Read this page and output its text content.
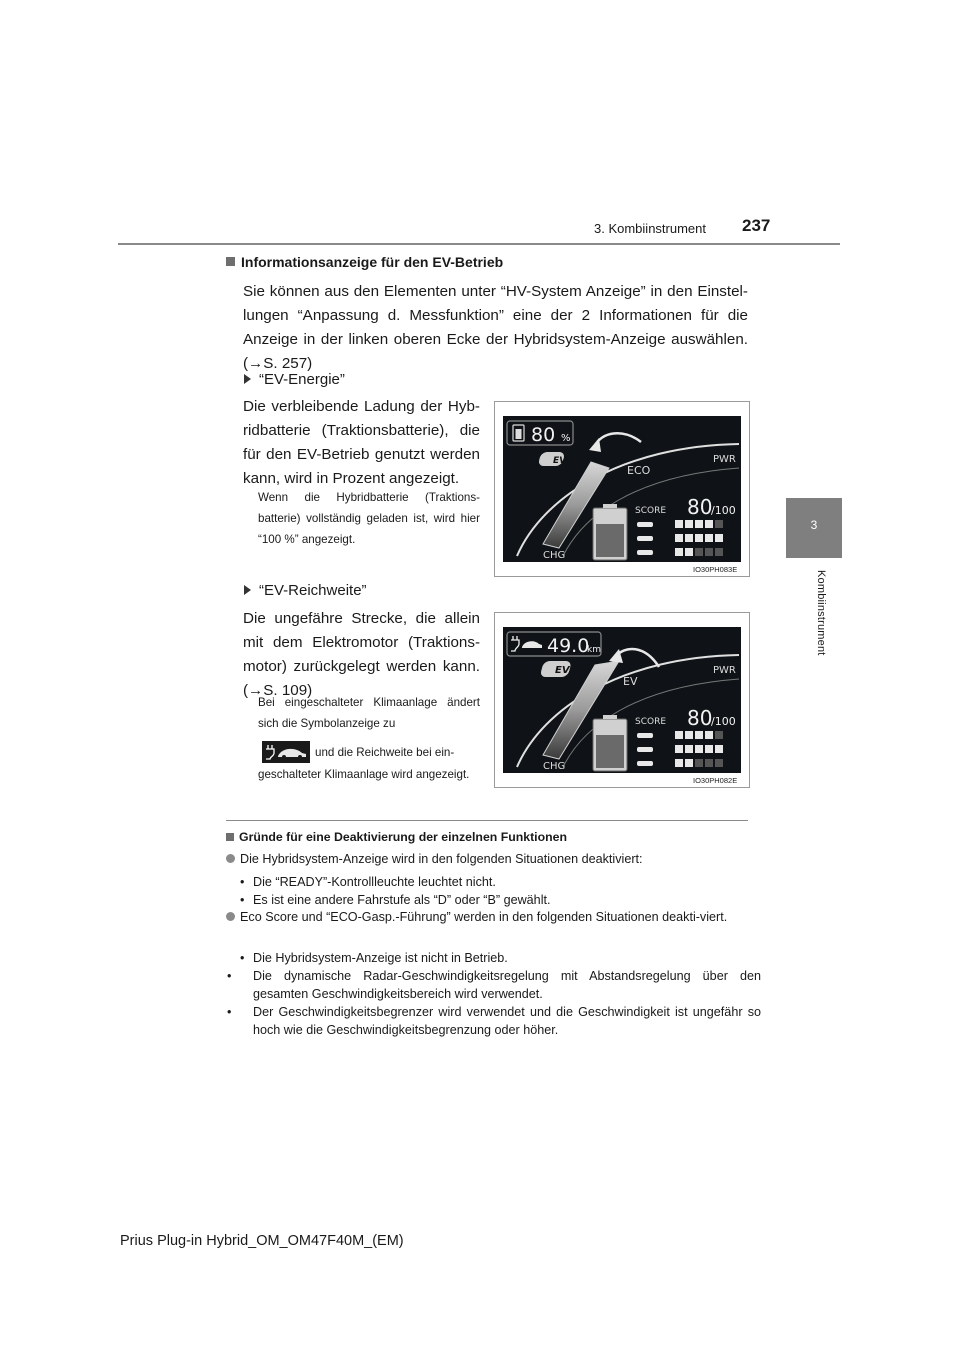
3. Kombiinstrument 237
3
Kombiinstrument
Informationsanzeige für den EV-Betrieb
Sie können aus den Elementen unter “HV-System Anzeige” in den Einstel-lungen “Anpassung d. Messfunktion” eine der 2 Informationen für die Anzeige in der linken oberen Ecke der Hybridsystem-Anzeige auswählen. (→S. 257)
“EV-Energie”
Die verbleibende Ladung der Hyb-ridbatterie (Traktionsbatterie), die für den EV-Betrieb genutzt werden kann, wird in Prozent angezeigt.
Wenn die Hybridbatterie (Traktions-batterie) vollständig geladen ist, wird hier “100 %” angezeigt.
80 %
EV
ECO
PWR
CHG
SCORE 80
/100
IO30PH083E
“EV-Reichweite”
Die ungefähre Strecke, die allein mit dem Elektromotor (Traktions-motor) zurückgelegt werden kann. (→S. 109)
Bei eingeschalteter Klimaanlage ändert sich die Symbolanzeige zu
und die Reichweite bei ein-
geschalteter Klimaanlage wird angezeigt.
49.0
km
EV
EV
PWR
CHG
SCORE 80
/100
IO30PH082E
Gründe für eine Deaktivierung der einzelnen Funktionen
Die Hybridsystem-Anzeige wird in den folgenden Situationen deaktiviert:
• Die “READY”-Kontrollleuchte leuchtet nicht.
• Es ist eine andere Fahrstufe als “D” oder “B” gewählt.
Eco Score und “ECO-Gasp.-Führung” werden in den folgenden Situationen deakti-viert.
• Die Hybridsystem-Anzeige ist nicht in Betrieb.
• Die dynamische Radar-Geschwindigkeitsregelung mit Abstandsregelung über den gesamten Geschwindigkeitsbereich wird verwendet.
• Der Geschwindigkeitsbegrenzer wird verwendet und die Geschwindigkeit ist ungefähr so hoch wie die Geschwindigkeitsbegrenzung oder höher.
Prius Plug-in Hybrid_OM_OM47F40M_(EM)
